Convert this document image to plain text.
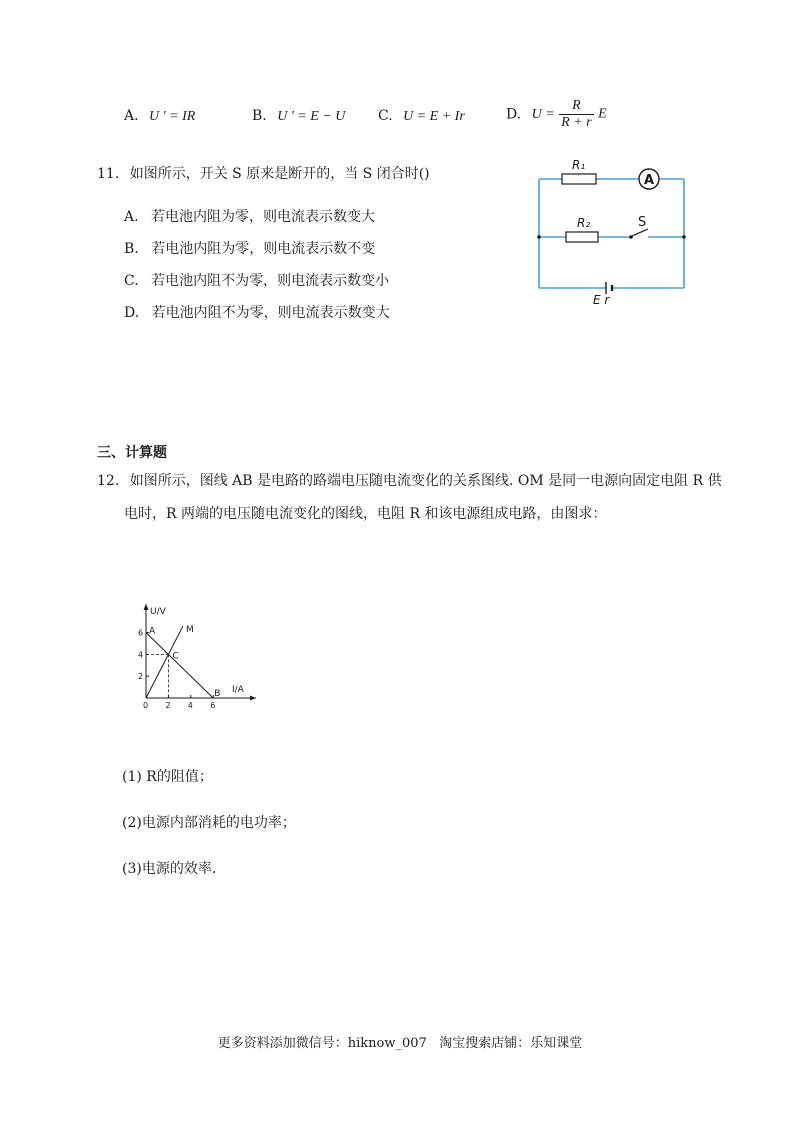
A. U ' = IR	B. U ' = E − U C. U = E + Ir	D. $U = \frac{R}{R + r}$ E
11. 如图所示，开关 S 原来是断开的，当 S 闭合时()
A. 若电池内阻为零，则电流表示数变大
B. 若电池内阻为零，则电流表示数不变
C. 若电池内阻不为零，则电流表示数变小
D. 若电池内阻不为零，则电流表示数变大
A
R₁
R₂	S
E r
三、计算题
12. 如图所示，图线 AB 是电路的路端电压随电流变化的关系图线. OM 是同一电源向固定电阻 R 供
电时，R 两端的电压随电流变化的图线，电阻 R 和该电源组成电路，由图求：
U/V
I/A
0 2 4 6
2
4
6 A
B
C
M
(1) R的阻值；
(2)电源内部消耗的电功率；
(3)电源的效率.
更多资料添加微信号：hiknow_007   淘宝搜索店铺：乐知课堂
